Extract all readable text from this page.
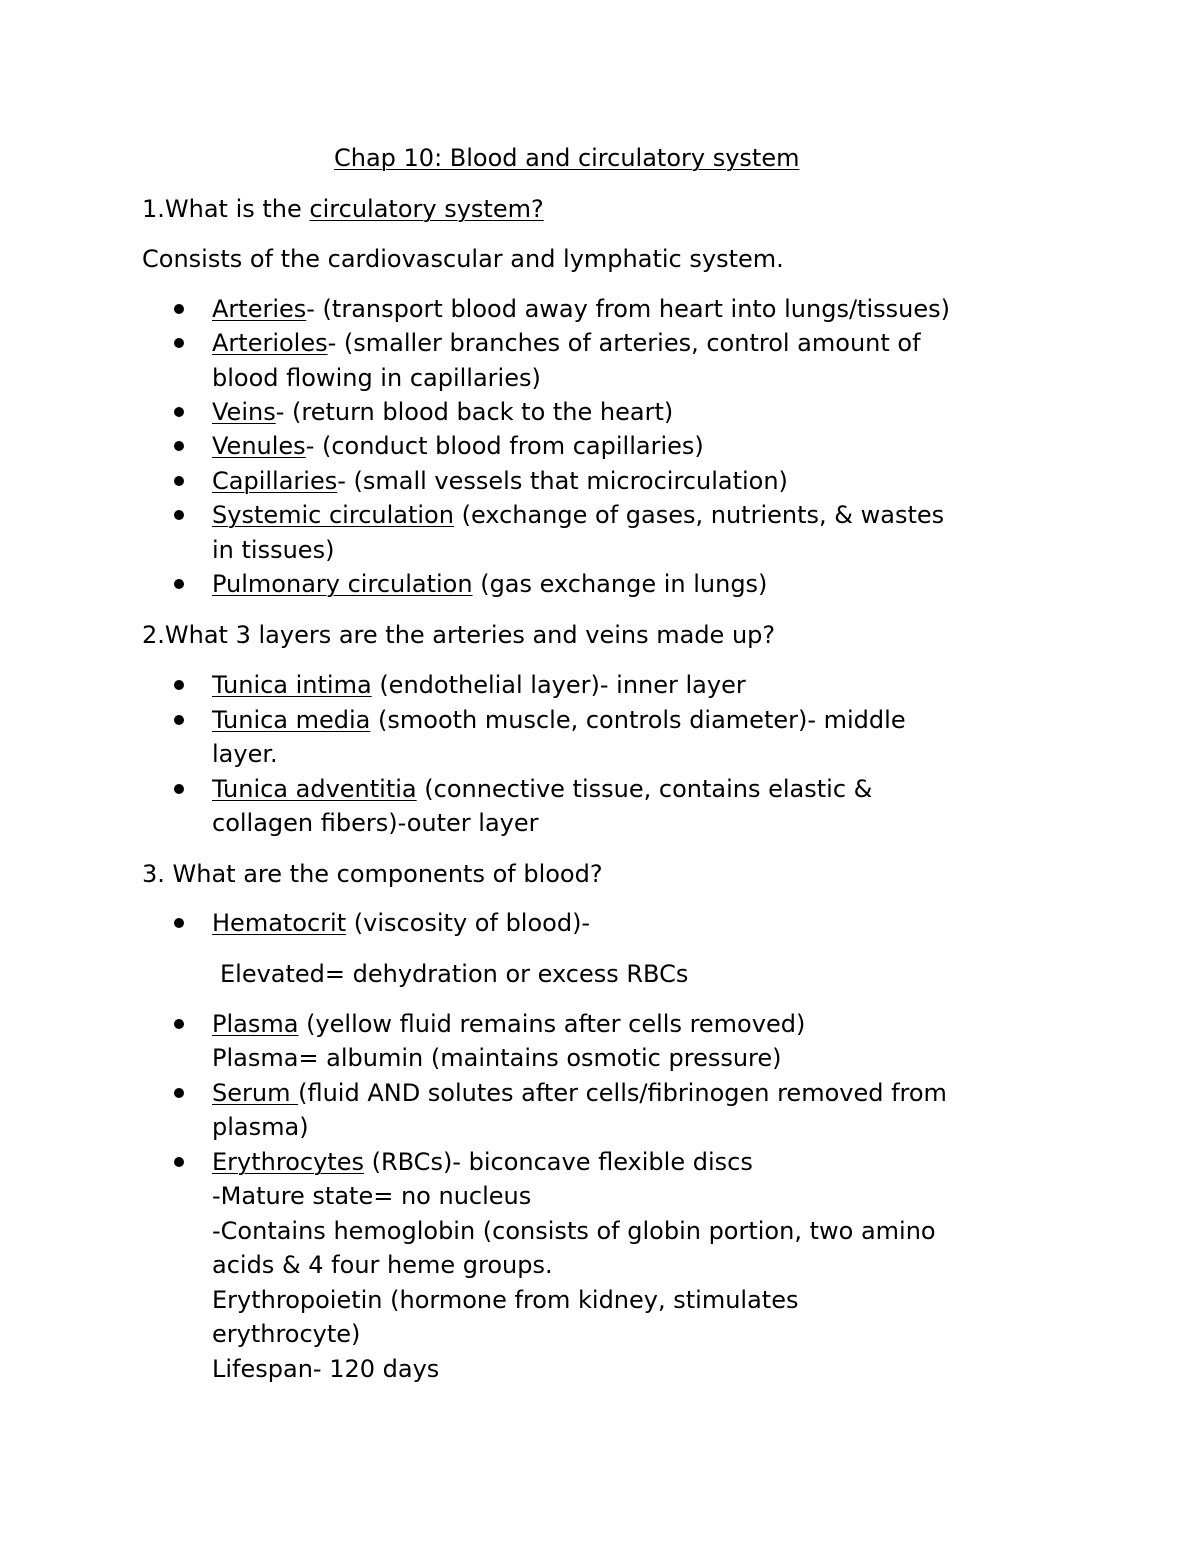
Chap 10: Blood and circulatory system
1.What is the circulatory system?
Consists of the cardiovascular and lymphatic system.
Arteries- (transport blood away from heart into lungs/tissues)
Arterioles- (smaller branches of arteries, control amount of
blood flowing in capillaries)
Veins- (return blood back to the heart)
Venules- (conduct blood from capillaries)
Capillaries- (small vessels that microcirculation)
Systemic circulation (exchange of gases, nutrients, & wastes
in tissues)
Pulmonary circulation (gas exchange in lungs)
2.What 3 layers are the arteries and veins made up?
Tunica intima (endothelial layer)- inner layer
Tunica media (smooth muscle, controls diameter)- middle
layer.
Tunica adventitia (connective tissue, contains elastic &
collagen fibers)-outer layer
3. What are the components of blood?
Hematocrit (viscosity of blood)-
Elevated= dehydration or excess RBCs
Plasma (yellow fluid remains after cells removed)
Plasma= albumin (maintains osmotic pressure)
Serum (fluid AND solutes after cells/fibrinogen removed from
plasma)
Erythrocytes (RBCs)- biconcave flexible discs
-Mature state= no nucleus
-Contains hemoglobin (consists of globin portion, two amino
acids & 4 four heme groups.
Erythropoietin (hormone from kidney, stimulates
erythrocyte)
Lifespan- 120 days
